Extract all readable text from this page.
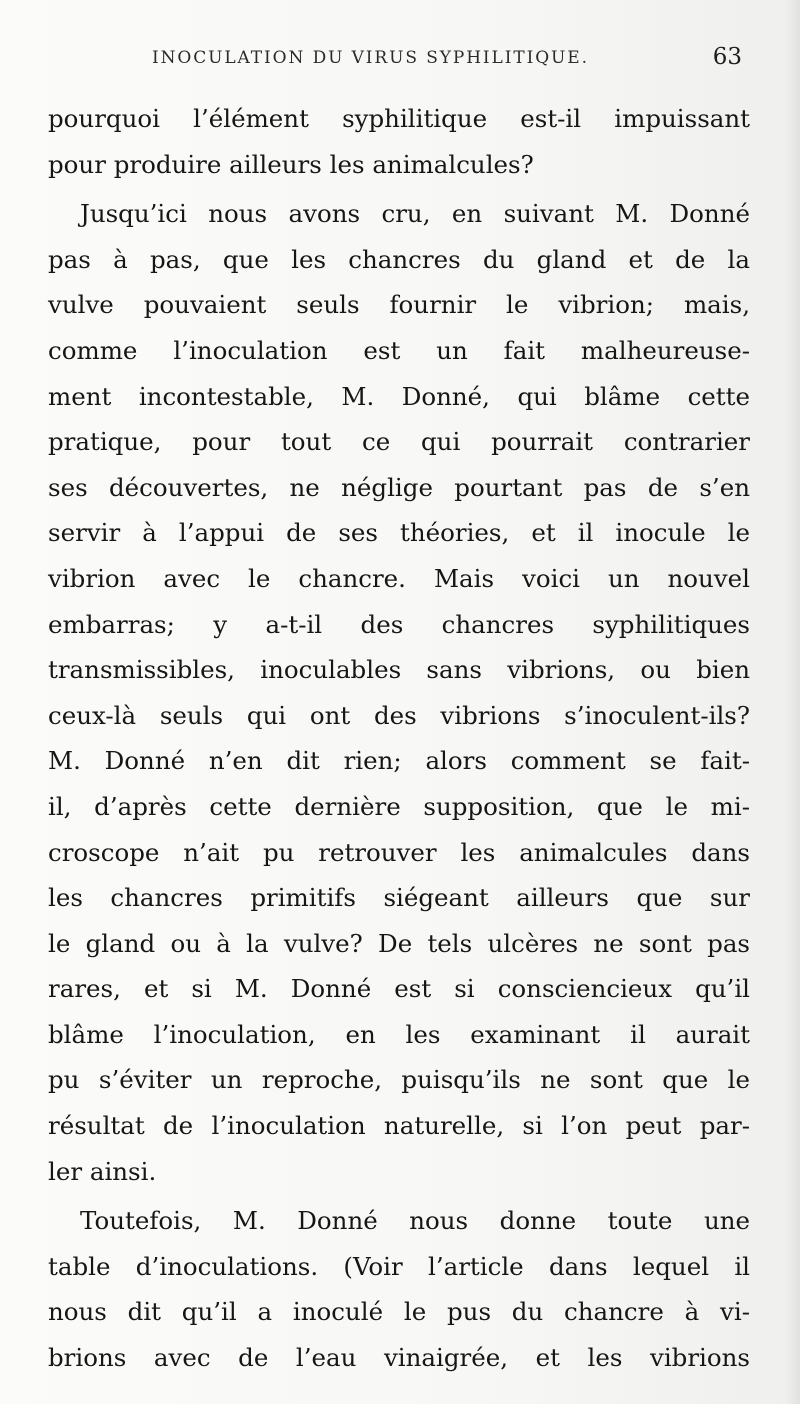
INOCULATION DU VIRUS SYPHILITIQUE.	63
pourquoi l’élément syphilitique est-il impuissant
pour produire ailleurs les animalcules?
Jusqu’ici nous avons cru, en suivant M. Donné
pas à pas, que les chancres du gland et de la
vulve pouvaient seuls fournir le vibrion; mais,
comme l’inoculation est un fait malheureuse-
ment incontestable, M. Donné, qui blâme cette
pratique, pour tout ce qui pourrait contrarier
ses découvertes, ne néglige pourtant pas de s’en
servir à l’appui de ses théories, et il inocule le
vibrion avec le chancre. Mais voici un nouvel
embarras; y a-t-il des chancres syphilitiques
transmissibles, inoculables sans vibrions, ou bien
ceux-là seuls qui ont des vibrions s’inoculent-ils?
M. Donné n’en dit rien; alors comment se fait-
il, d’après cette dernière supposition, que le mi-
croscope n’ait pu retrouver les animalcules dans
les chancres primitifs siégeant ailleurs que sur
le gland ou à la vulve? De tels ulcères ne sont pas
rares, et si M. Donné est si consciencieux qu’il
blâme l’inoculation, en les examinant il aurait
pu s’éviter un reproche, puisqu’ils ne sont que le
résultat de l’inoculation naturelle, si l’on peut par-
ler ainsi.
Toutefois, M. Donné nous donne toute une
table d’inoculations. (Voir l’article dans lequel il
nous dit qu’il a inoculé le pus du chancre à vi-
brions avec de l’eau vinaigrée, et les vibrions
